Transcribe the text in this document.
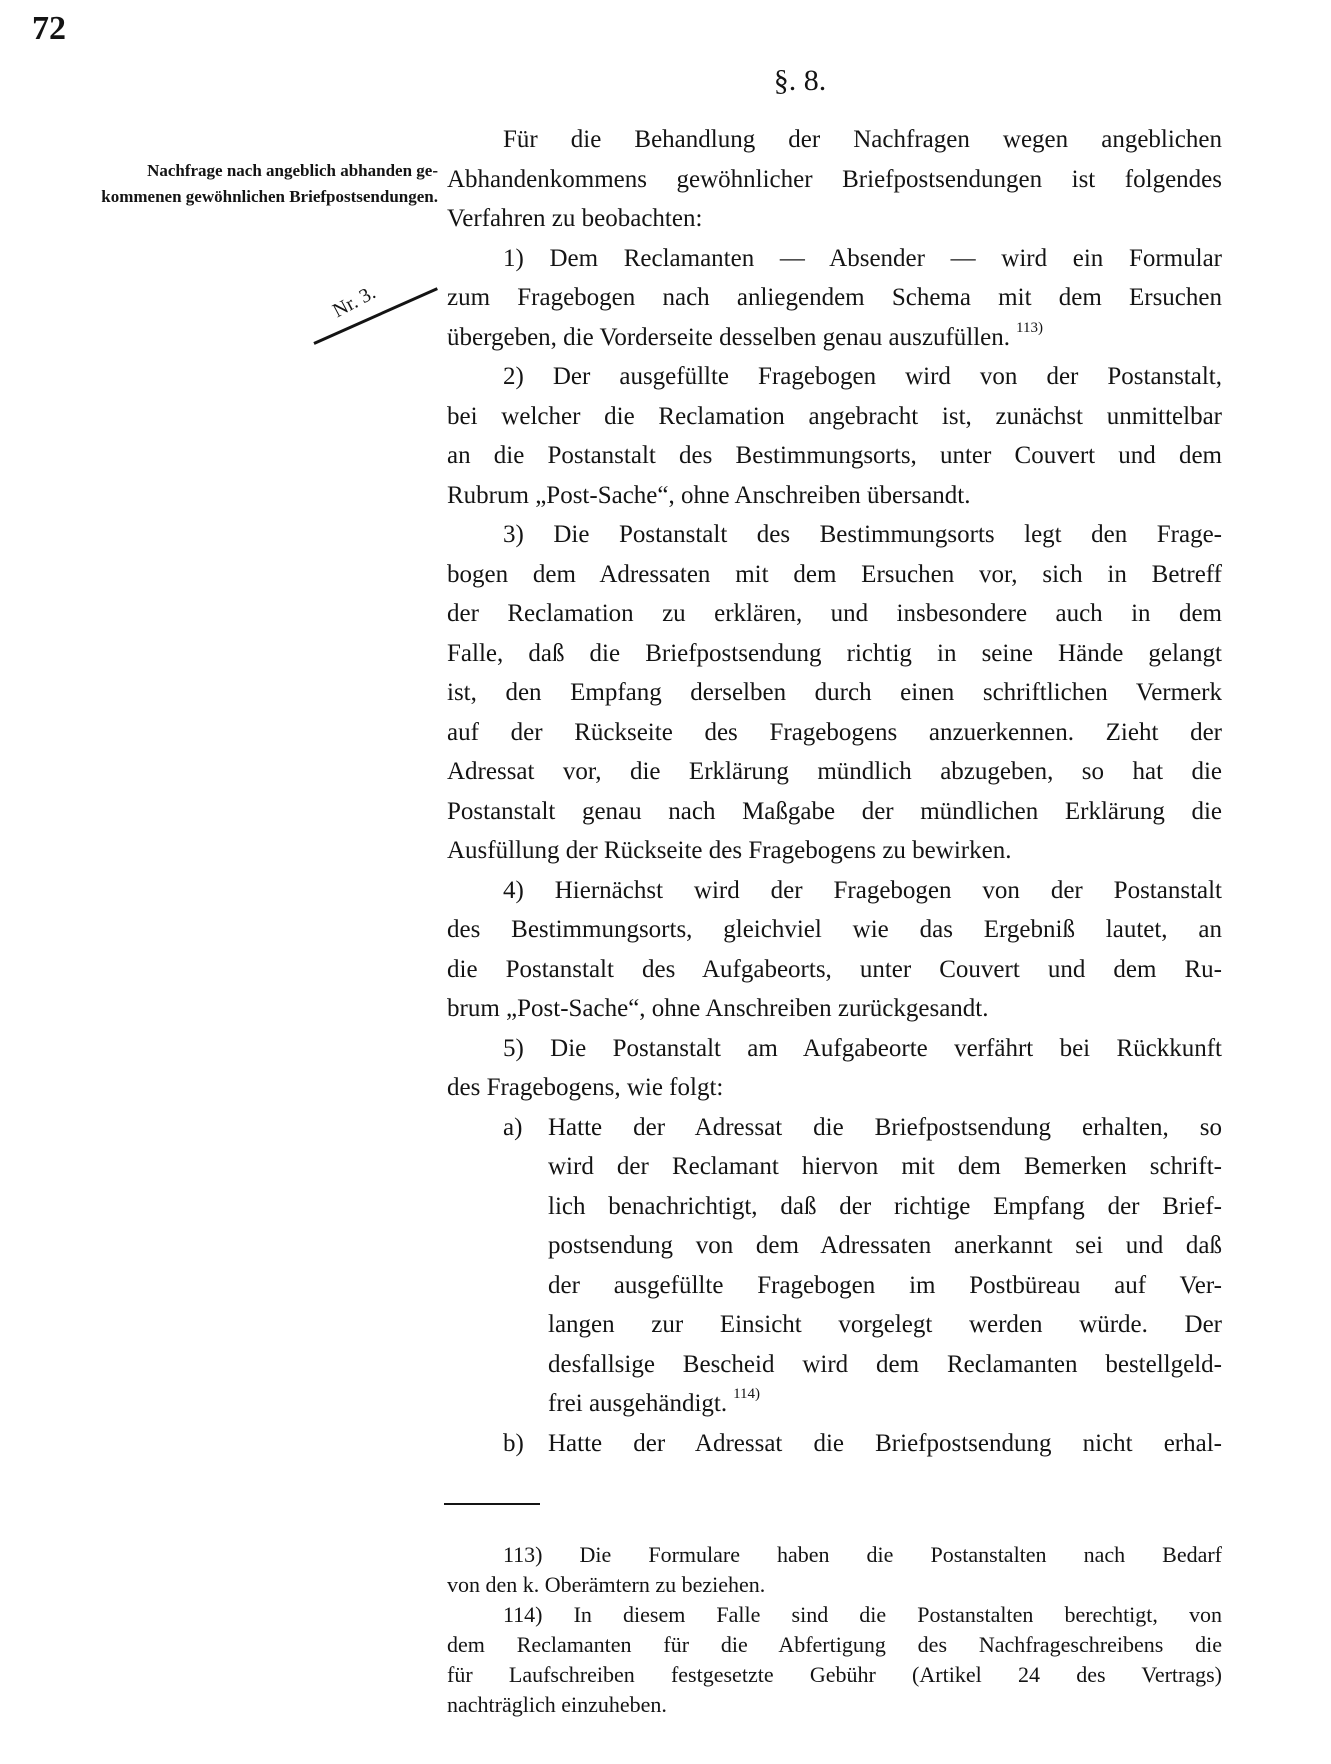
72
§. 8.
Nachfrage nach angeblich abhanden ge-
kommenen gewöhnlichen Briefpostsendungen.
Nr. 3.
Für die Behandlung der Nachfragen wegen angeblichen
Abhandenkommens gewöhnlicher Briefpostsendungen ist folgendes
Verfahren zu beobachten:
1) Dem Reclamanten — Absender — wird ein Formular
zum Fragebogen nach anliegendem Schema mit dem Ersuchen
übergeben, die Vorderseite desselben genau auszufüllen. $^{113)}$
2) Der ausgefüllte Fragebogen wird von der Postanstalt,
bei welcher die Reclamation angebracht ist, zunächst unmittelbar
an die Postanstalt des Bestimmungsorts, unter Couvert und dem
Rubrum „Post-Sache“, ohne Anschreiben übersandt.
3) Die Postanstalt des Bestimmungsorts legt den Frage-
bogen dem Adressaten mit dem Ersuchen vor, sich in Betreff
der Reclamation zu erklären, und insbesondere auch in dem
Falle, daß die Briefpostsendung richtig in seine Hände gelangt
ist, den Empfang derselben durch einen schriftlichen Vermerk
auf der Rückseite des Fragebogens anzuerkennen. Zieht der
Adressat vor, die Erklärung mündlich abzugeben, so hat die
Postanstalt genau nach Maßgabe der mündlichen Erklärung die
Ausfüllung der Rückseite des Fragebogens zu bewirken.
4) Hiernächst wird der Fragebogen von der Postanstalt
des Bestimmungsorts, gleichviel wie das Ergebniß lautet, an
die Postanstalt des Aufgabeorts, unter Couvert und dem Ru-
brum „Post-Sache“, ohne Anschreiben zurückgesandt.
5) Die Postanstalt am Aufgabeorte verfährt bei Rückkunft
des Fragebogens, wie folgt:
a) Hatte der Adressat die Briefpostsendung erhalten, so
wird der Reclamant hiervon mit dem Bemerken schrift-
lich benachrichtigt, daß der richtige Empfang der Brief-
postsendung von dem Adressaten anerkannt sei und daß
der ausgefüllte Fragebogen im Postbüreau auf Ver-
langen zur Einsicht vorgelegt werden würde. Der
desfallsige Bescheid wird dem Reclamanten bestellgeld-
frei ausgehändigt. $^{114)}$
b) Hatte der Adressat die Briefpostsendung nicht erhal-
113) Die Formulare haben die Postanstalten nach Bedarf
von den k. Oberämtern zu beziehen.
114) In diesem Falle sind die Postanstalten berechtigt, von
dem Reclamanten für die Abfertigung des Nachfrageschreibens die
für Laufschreiben festgesetzte Gebühr (Artikel 24 des Vertrags)
nachträglich einzuheben.
